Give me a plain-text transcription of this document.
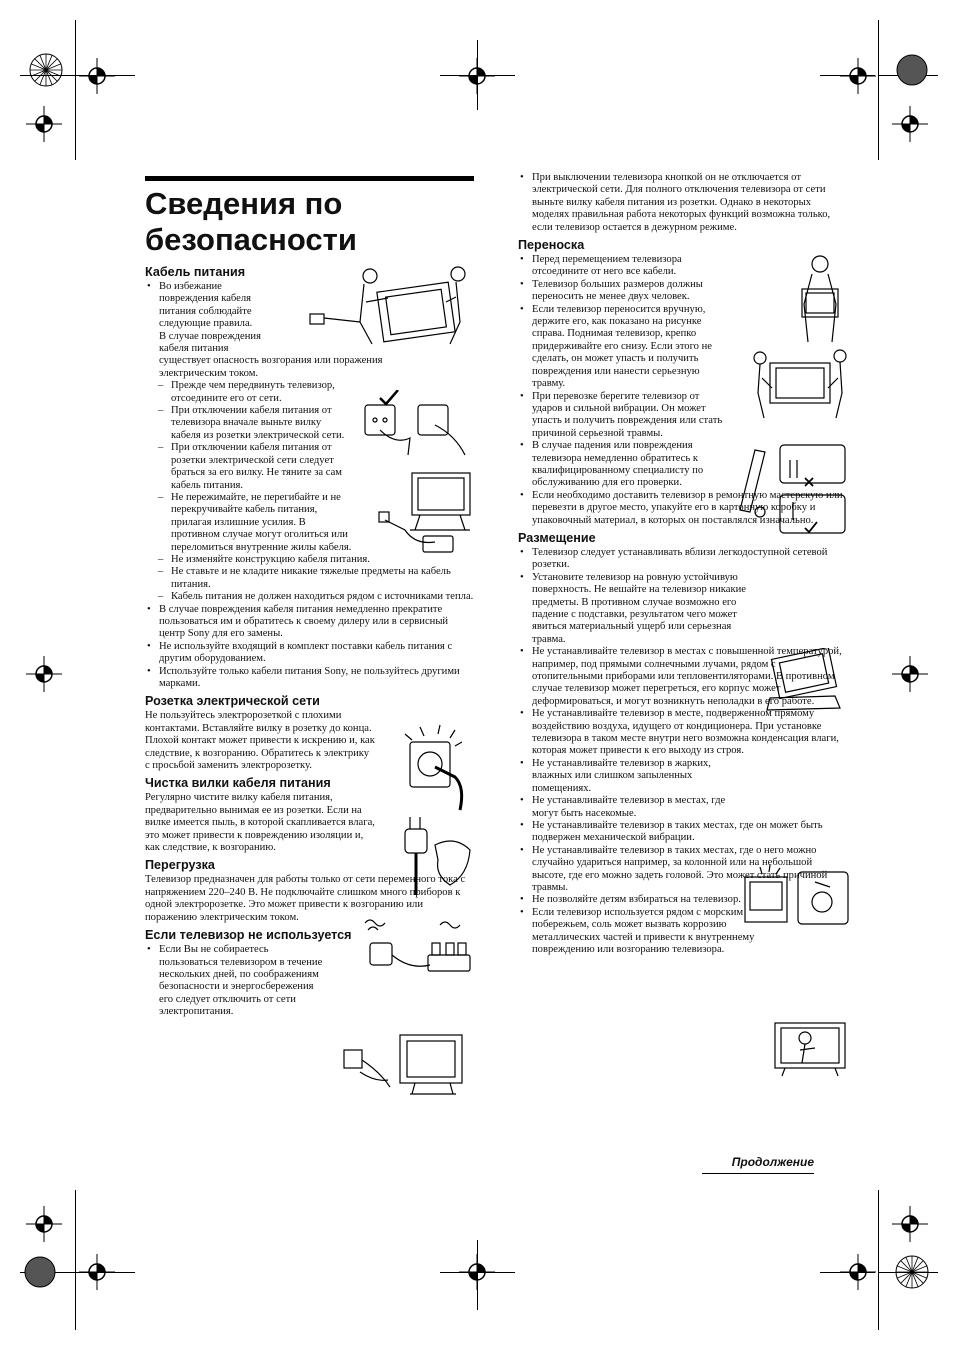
Сведения по
безопасности
Кабель питания
• Во избежание
повреждения кабеля
питания соблюдайте
следующие правила.
В случае повреждения
кабеля питания
существует опасность возгорания или поражения
электрическим током.
– Прежде чем передвинуть телевизор, отсоедините его от сети.
– При отключении кабеля питания от телевизора вначале выньте вилку кабеля из розетки электрической сети.
– При отключении кабеля питания от розетки электрической сети следует браться за его вилку. Не тяните за сам кабель питания.
– Не пережимайте, не перегибайте и не перекручивайте кабель питания, прилагая излишние усилия. В противном случае могут оголиться или переломиться внутренние жилы кабеля.
– Не изменяйте конструкцию кабеля питания.
– Не ставьте и не кладите никакие тяжелые предметы на кабель питания.
– Кабель питания не должен находиться рядом с источниками тепла.
• В случае повреждения кабеля питания немедленно прекратите пользоваться им и обратитесь к своему дилеру или в сервисный центр Sony для его замены.
• Не используйте входящий в комплект поставки кабель питания с другим оборудованием.
• Используйте только кабели питания Sony, не пользуйтесь другими марками.
Розетка электрической сети

Не пользуйтесь электророзеткой с плохими контактами. Вставляйте вилку в розетку до конца. Плохой контакт может привести к искрению и, как следствие, к возгоранию. Обратитесь к электрику с просьбой заменить электророзетку.

Чистка вилки кабеля питания

Регулярно чистите вилку кабеля питания, предварительно вынимая ее из розетки. Если на вилке имеется пыль, в которой скапливается влага, это может привести к повреждению изоляции и, как следствие, к возгоранию.

Перегрузка

Телевизор предназначен для работы только от сети переменного тока с напряжением 220–240 В. Не подключайте слишком много приборов к одной электророзетке. Это может привести к возгоранию или поражению электрическим током.

Если телевизор не используется
• Если Вы не собираетесь пользоваться телевизором в течение нескольких дней, по соображениям безопасности и энергосбережения его следует отключить от сети электропитания.
• При выключении телевизора кнопкой он не отключается от электрической сети. Для полного отключения телевизора от сети выньте вилку кабеля питания из розетки. Однако в некоторых моделях правильная работа некоторых функций возможна только, если телевизор остается в дежурном режиме.
Переноска
• Перед перемещением телевизора отсоедините от него все кабели.
• Телевизор больших размеров должны переносить не менее двух человек.
• Если телевизор переносится вручную, держите его, как показано на рисунке справа. Поднимая телевизор, крепко придерживайте его снизу. Если этого не сделать, он может упасть и получить повреждения или нанести серьезную травму.
• При перевозке берегите телевизор от ударов и сильной вибрации. Он может упасть и получить повреждения или стать причиной серьезной травмы.
• В случае падения или повреждения телевизора немедленно обратитесь к квалифицированному специалисту по обслуживанию для его проверки.
• Если необходимо доставить телевизор в ремонтную мастерскую или перевезти в другое место, упакуйте его в картонную коробку и упаковочный материал, в которых он поставлялся изначально.
Размещение
• Телевизор следует устанавливать вблизи легкодоступной сетевой розетки.
• Установите телевизор на ровную устойчивую поверхность. Не вешайте на телевизор никакие предметы. В противном случае возможно его падение с подставки, результатом чего может явиться материальный ущерб или серьезная травма.
• Не устанавливайте телевизор в местах с повышенной температурой, например, под прямыми солнечными лучами, рядом с отопительными приборами или тепловентиляторами. В противном случае телевизор может перегреться, его корпус может деформироваться, и могут возникнуть неполадки в его работе.
• Не устанавливайте телевизор в месте, подверженном прямому воздействию воздуха, идущего от кондиционера. При установке телевизора в таком месте внутри него возможна конденсация влаги, которая может привести к его выходу из строя.
• Не устанавливайте телевизор в жарких, влажных или слишком запыленных помещениях.
• Не устанавливайте телевизор в местах, где могут быть насекомые.
• Не устанавливайте телевизор в таких местах, где он может быть подвержен механической вибрации.
• Не устанавливайте телевизор в таких местах, где о него можно случайно удариться например, за колонной или на небольшой высоте, где его можно задеть головой. Это может стать причиной травмы.
• Не позволяйте детям взбираться на телевизор.
• Если телевизор используется рядом с морским побережьем, соль может вызвать коррозию металлических частей и привести к внутреннему повреждению или возгоранию телевизора.
Продолжение
